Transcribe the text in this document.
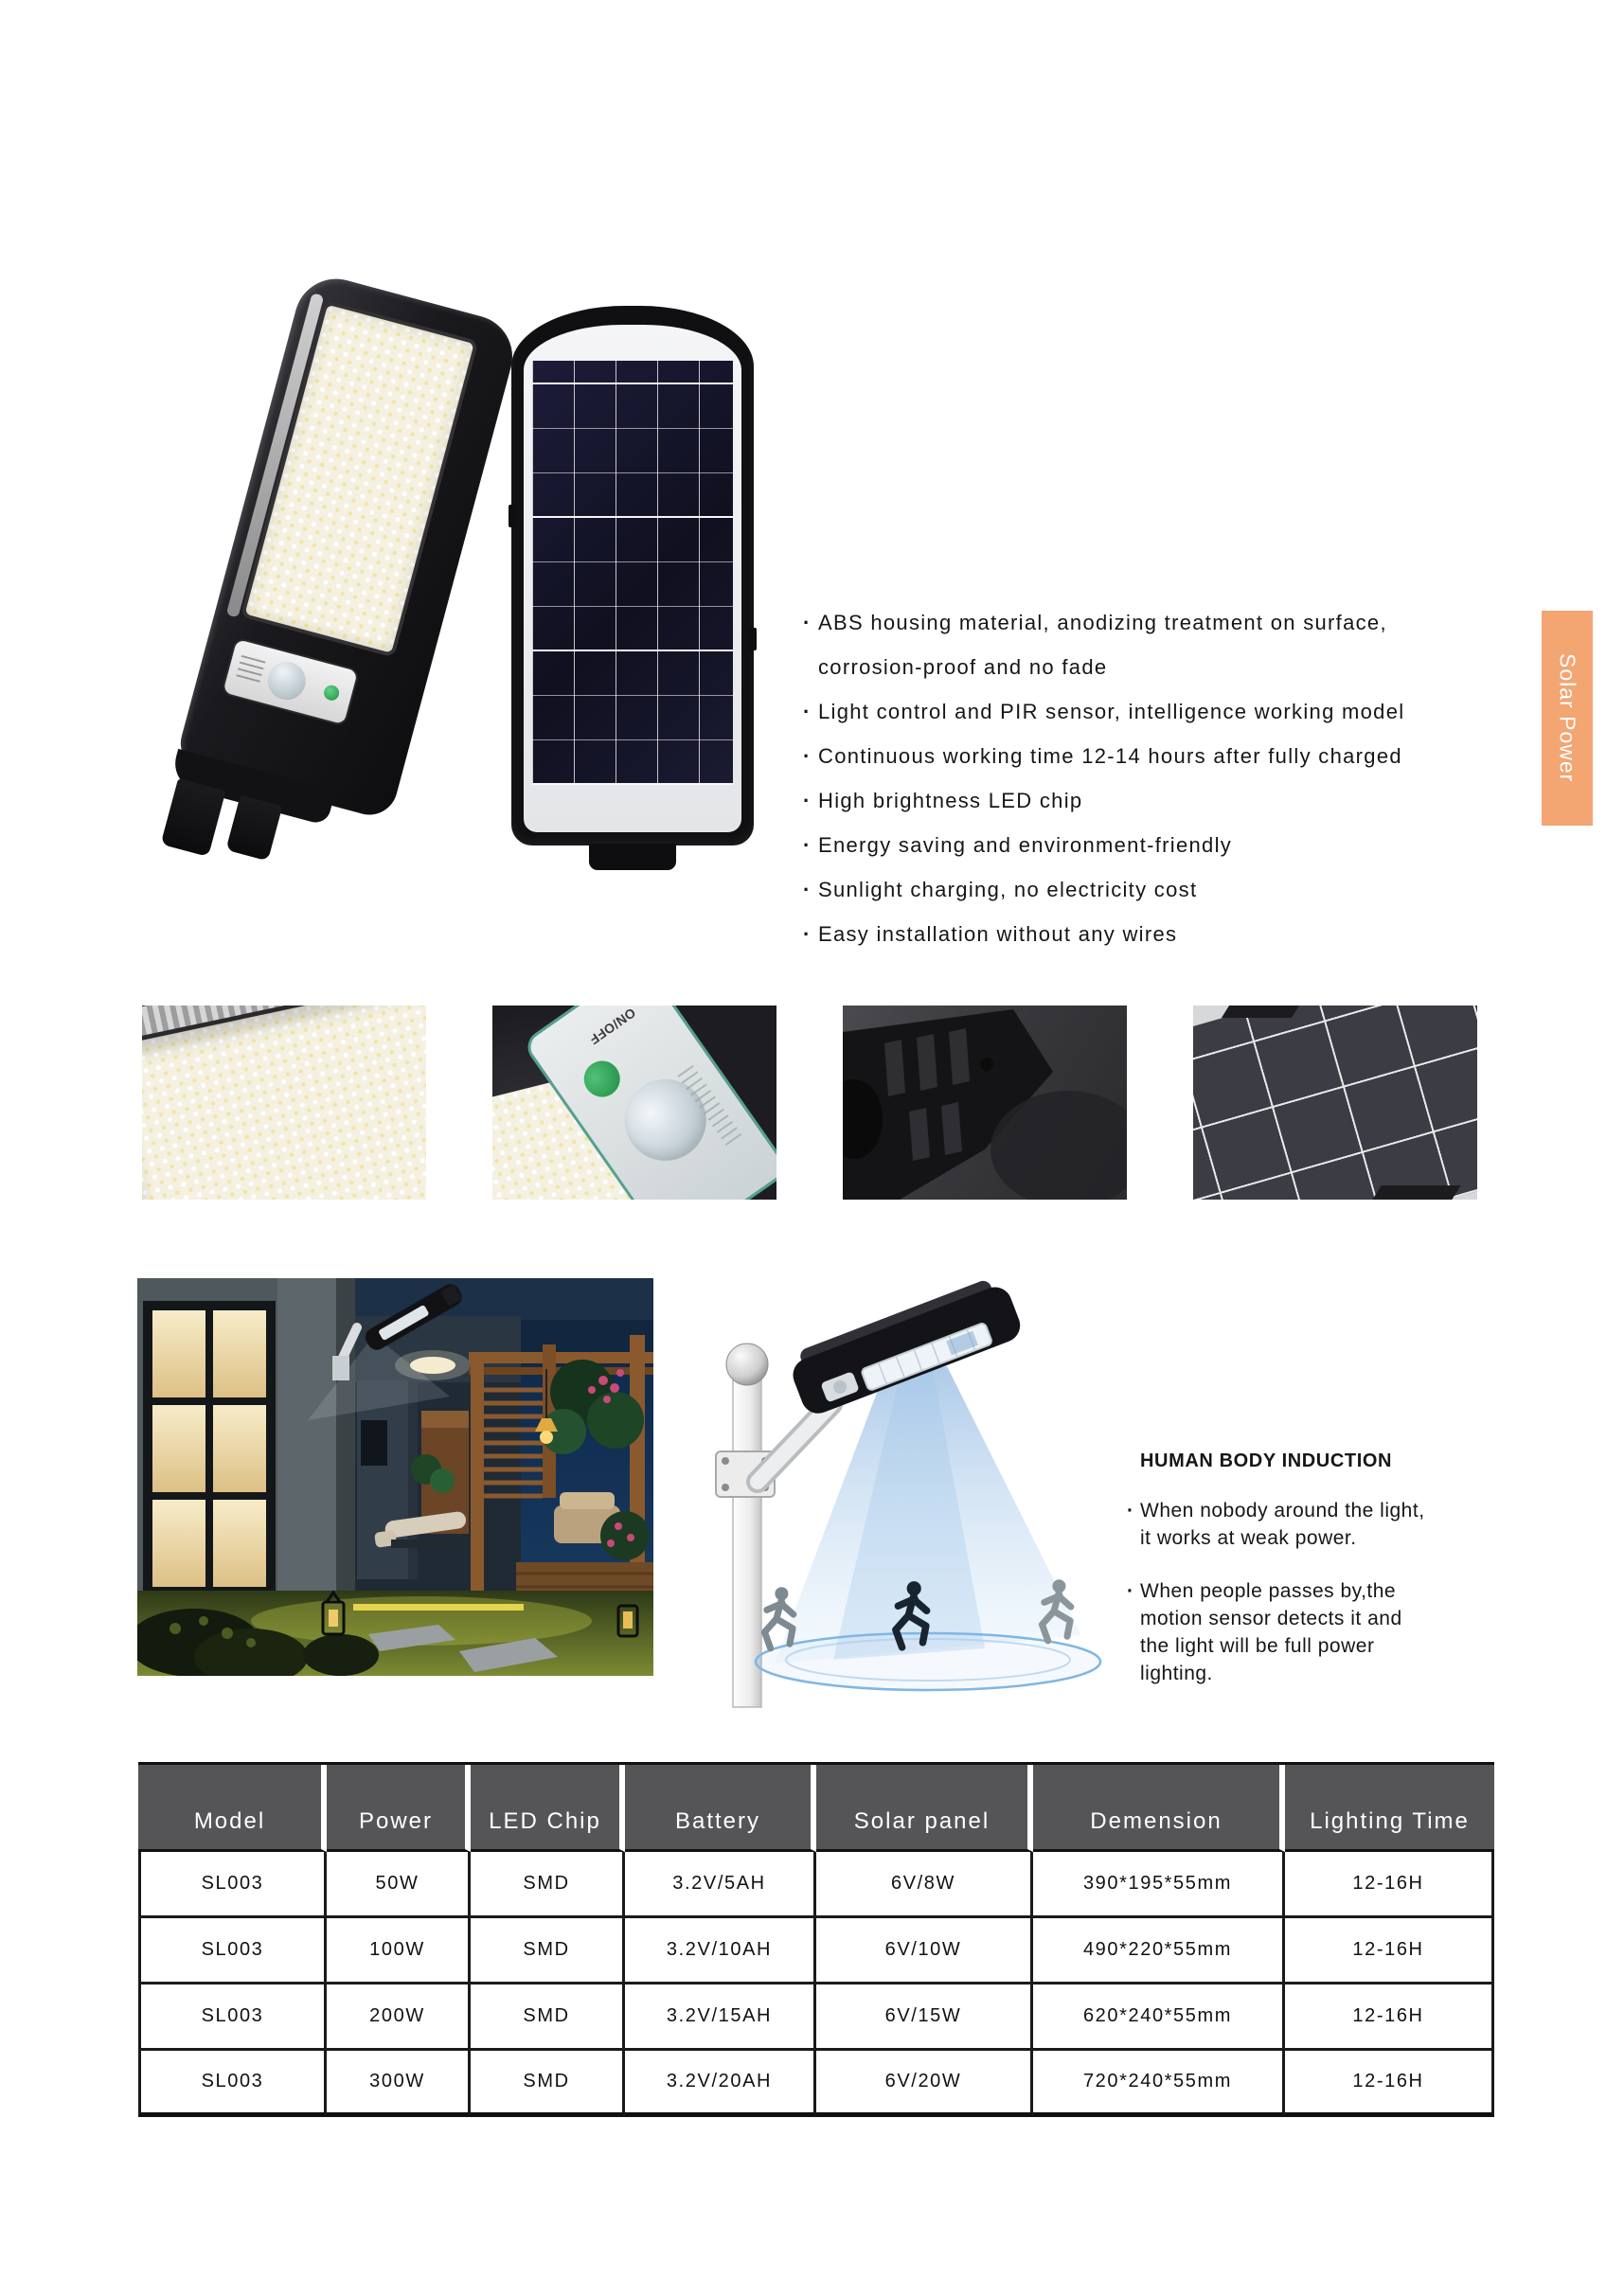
Solar Power
· ABS housing material, anodizing treatment on surface, corrosion-proof and no fade
· Light control and PIR sensor, intelligence working model
· Continuous working time 12-14 hours after fully charged
· High brightness LED chip
· Energy saving and environment-friendly
· Sunlight charging, no electricity cost
· Easy installation without any wires
ON/OFF
HUMAN BODY INDUCTION
· When nobody around the light, it works at weak power.
· When people passes by,the motion sensor detects it and the light will be full power lighting.
Model	Power	LED Chip	Battery	Solar panel	Demension	Lighting Time
SL003	50W	SMD	3.2V/5AH	6V/8W	390*195*55mm	12-16H
SL003	100W	SMD	3.2V/10AH	6V/10W	490*220*55mm	12-16H
SL003	200W	SMD	3.2V/15AH	6V/15W	620*240*55mm	12-16H
SL003	300W	SMD	3.2V/20AH	6V/20W	720*240*55mm	12-16H
